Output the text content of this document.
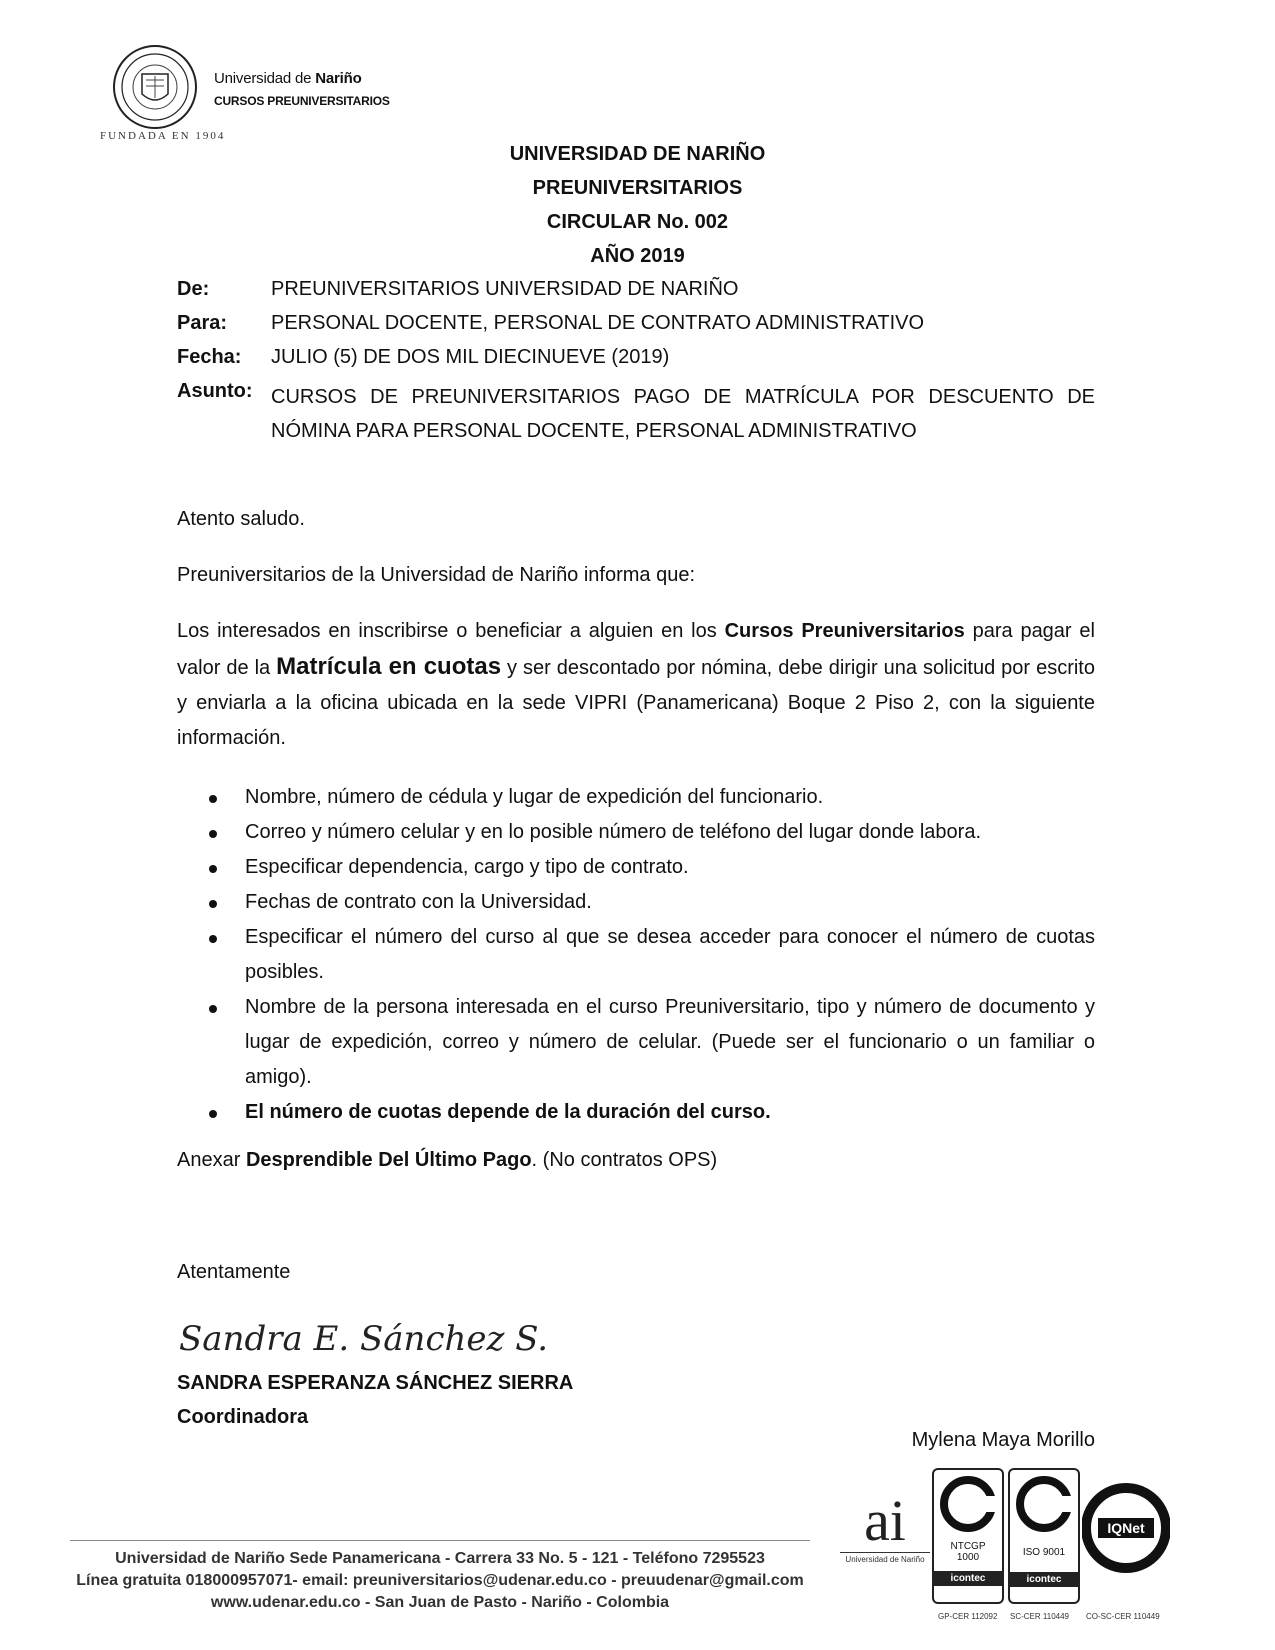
Universidad de Nariño
CURSOS PREUNIVERSITARIOS
FUNDADA EN 1904
UNIVERSIDAD DE NARIÑO
PREUNIVERSITARIOS
CIRCULAR No. 002
AÑO 2019
De:	PREUNIVERSITARIOS UNIVERSIDAD DE NARIÑO
Para: PERSONAL DOCENTE, PERSONAL DE CONTRATO ADMINISTRATIVO
Fecha: JULIO (5) DE DOS MIL DIECINUEVE (2019)
Asunto: CURSOS DE PREUNIVERSITARIOS PAGO DE MATRÍCULA POR DESCUENTO DE NÓMINA PARA PERSONAL DOCENTE, PERSONAL ADMINISTRATIVO
Atento saludo.
Preuniversitarios de la Universidad de Nariño informa que:
Los interesados en inscribirse o beneficiar a alguien en los Cursos Preuniversitarios para pagar el valor de la Matrícula en cuotas y ser descontado por nómina, debe dirigir una solicitud por escrito y enviarla a la oficina ubicada en la sede VIPRI (Panamericana) Boque 2 Piso 2, con la siguiente información.
Nombre, número de cédula y lugar de expedición del funcionario.
Correo y número celular y en lo posible número de teléfono del lugar donde labora.
Especificar dependencia, cargo y tipo de contrato.
Fechas de contrato con la Universidad.
Especificar el número del curso al que se desea acceder para conocer el número de cuotas posibles.
Nombre de la persona interesada en el curso Preuniversitario, tipo y número de documento y lugar de expedición, correo y número de celular. (Puede ser el funcionario o un familiar o amigo).
El número de cuotas depende de la duración del curso.
Anexar Desprendible Del Último Pago. (No contratos OPS)
Atentamente
Sandra E. Sánchez S.
SANDRA ESPERANZA SÁNCHEZ SIERRA
Coordinadora
Mylena Maya Morillo
Universidad de Nariño Sede Panamericana - Carrera 33 No. 5 - 121 - Teléfono 7295523
Línea gratuita 018000957071- email: preuniversitarios@udenar.edu.co - preuudenar@gmail.com
www.udenar.edu.co - San Juan de Pasto - Nariño - Colombia
ai
Universidad de Nariño
NTCGP 1000
icontec
ISO 9001
icontec
IQNet
GP-CER 112092 SC-CER 110449 CO-SC-CER 110449
